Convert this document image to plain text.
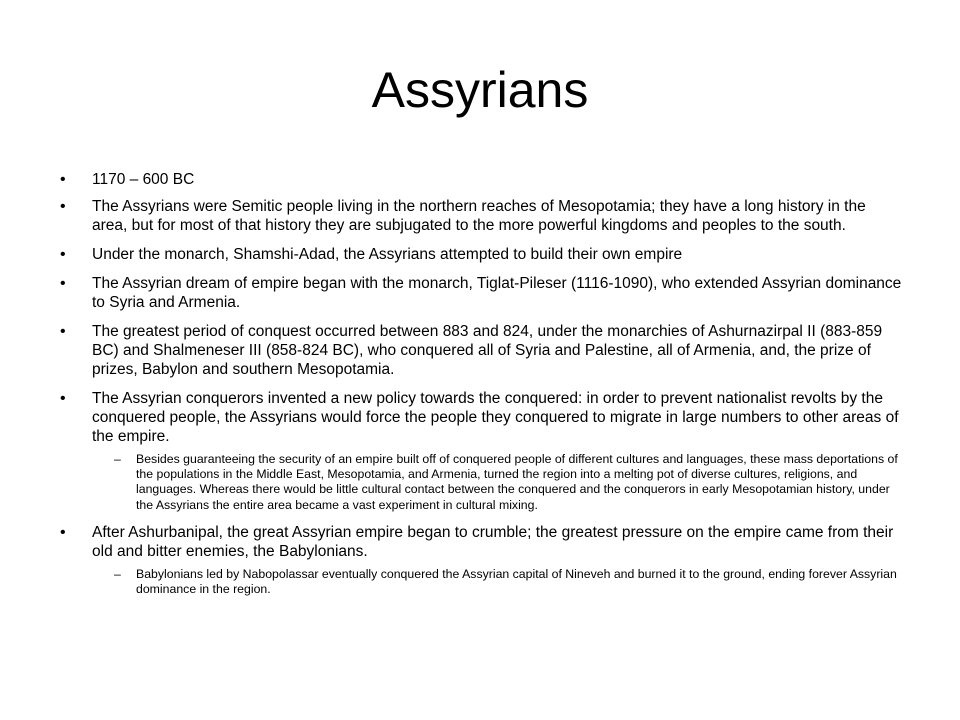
Assyrians
• 1170 – 600 BC
• The Assyrians were Semitic people living in the northern reaches of Mesopotamia; they have a long history in the area, but for most of that history they are subjugated to the more powerful kingdoms and peoples to the south.
• Under the monarch, Shamshi-Adad, the Assyrians attempted to build their own empire
• The Assyrian dream of empire began with the monarch, Tiglat-Pileser (1116-1090), who extended Assyrian dominance to Syria and Armenia.
• The greatest period of conquest occurred between 883 and 824, under the monarchies of Ashurnazirpal II (883-859 BC) and Shalmeneser III (858-824 BC), who conquered all of Syria and Palestine, all of Armenia, and, the prize of prizes, Babylon and southern Mesopotamia.
• The Assyrian conquerors invented a new policy towards the conquered: in order to prevent nationalist revolts by the conquered people, the Assyrians would force the people they conquered to migrate in large numbers to other areas of the empire.
– Besides guaranteeing the security of an empire built off of conquered people of different cultures and languages, these mass deportations of the populations in the Middle East, Mesopotamia, and Armenia, turned the region into a melting pot of diverse cultures, religions, and languages. Whereas there would be little cultural contact between the conquered and the conquerors in early Mesopotamian history, under the Assyrians the entire area became a vast experiment in cultural mixing.
• After Ashurbanipal, the great Assyrian empire began to crumble; the greatest pressure on the empire came from their old and bitter enemies, the Babylonians.
– Babylonians led by Nabopolassar eventually conquered the Assyrian capital of Nineveh and burned it to the ground, ending forever Assyrian dominance in the region.
